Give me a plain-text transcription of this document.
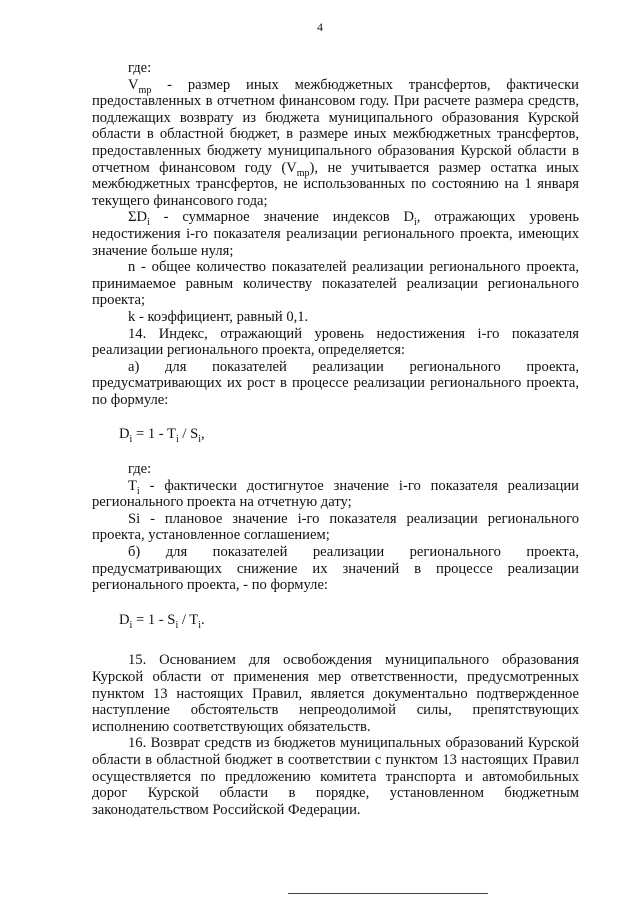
4

где:

$V_{mp}$ - размер иных межбюджетных трансфертов, фактически предоставленных в отчетном финансовом году. При расчете размера средств, подлежащих возврату из бюджета муниципального образования Курской области в областной бюджет, в размере иных межбюджетных трансфертов, предоставленных бюджету муниципального образования Курской области в отчетном финансовом году $(V_{mp})$, не учитывается размер остатка иных межбюджетных трансфертов, не использованных по состоянию на 1 января текущего финансового года;

$\Sigma D_i$ - суммарное значение индексов $D_i$, отражающих уровень недостижения i-го показателя реализации регионального проекта, имеющих значение больше нуля;

n - общее количество показателей реализации регионального проекта, принимаемое равным количеству показателей реализации регионального проекта;

k - коэффициент, равный 0,1.

14. Индекс, отражающий уровень недостижения i-го показателя реализации регионального проекта, определяется:

а) для показателей реализации регионального проекта, предусматривающих их рост в процессе реализации регионального проекта, по формуле:

$D_i = 1 - T_i / S_i$,

где:

$T_i$ - фактически достигнутое значение i-го показателя реализации регионального проекта на отчетную дату;

Si - плановое значение i-го показателя реализации регионального проекта, установленное соглашением;

б) для показателей реализации регионального проекта, предусматривающих снижение их значений в процессе реализации регионального проекта, - по формуле:

$D_i = 1 - S_i / T_i$.

15. Основанием для освобождения муниципального образования Курской области от применения мер ответственности, предусмотренных пунктом 13 настоящих Правил, является документально подтвержденное наступление обстоятельств непреодолимой силы, препятствующих исполнению соответствующих обязательств.

16. Возврат средств из бюджетов муниципальных образований Курской области в областной бюджет в соответствии с пунктом 13 настоящих Правил осуществляется по предложению комитета транспорта и автомобильных дорог Курской области в порядке, установленном бюджетным законодательством Российской Федерации.
